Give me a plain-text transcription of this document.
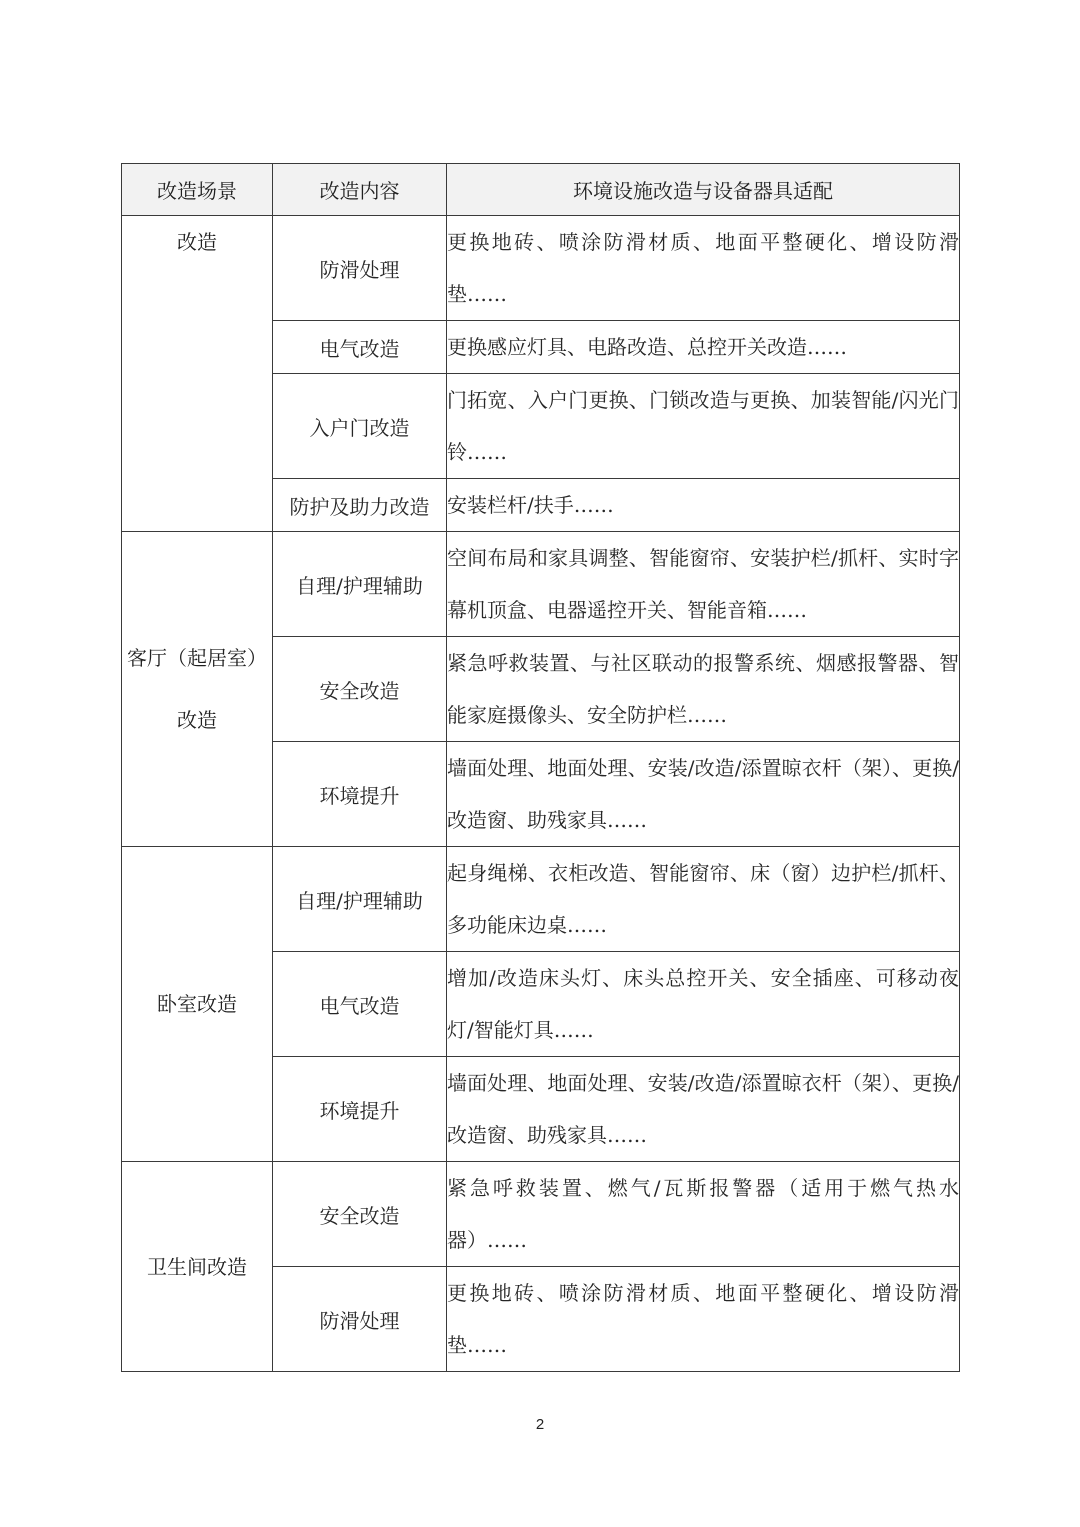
改造场景	改造内容	环境设施改造与设备器具适配

改造	防滑处理	更换地砖、喷涂防滑材质、地面平整硬化、增设防滑垫……
	电气改造	更换感应灯具、电路改造、总控开关改造……
	入户门改造	门拓宽、入户门更换、门锁改造与更换、加装智能/闪光门铃……
	防护及助力改造	安装栏杆/扶手……

客厅（起居室）
改造	自理/护理辅助	空间布局和家具调整、智能窗帘、安装护栏/抓杆、实时字幕机顶盒、电器遥控开关、智能音箱……
	安全改造	紧急呼救装置、与社区联动的报警系统、烟感报警器、智能家庭摄像头、安全防护栏……
	环境提升	墙面处理、地面处理、安装/改造/添置晾衣杆（架）、更换/改造窗、助残家具……

卧室改造	自理/护理辅助	起身绳梯、衣柜改造、智能窗帘、床（窗）边护栏/抓杆、多功能床边桌……
	电气改造	增加/改造床头灯、床头总控开关、安全插座、可移动夜灯/智能灯具……
	环境提升	墙面处理、地面处理、安装/改造/添置晾衣杆（架）、更换/改造窗、助残家具……

卫生间改造	安全改造	紧急呼救装置、燃气/瓦斯报警器（适用于燃气热水器）……
	防滑处理	更换地砖、喷涂防滑材质、地面平整硬化、增设防滑垫……
2
